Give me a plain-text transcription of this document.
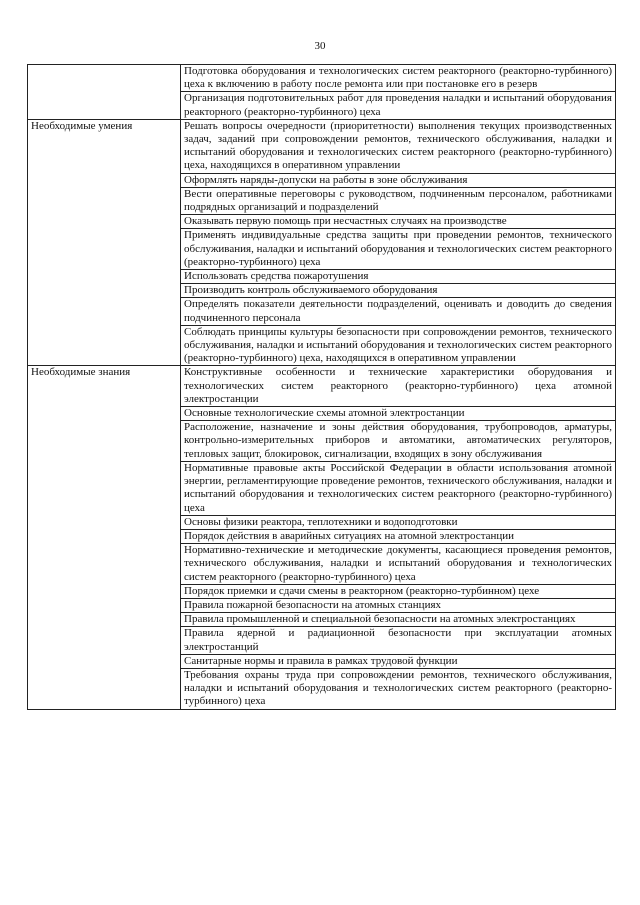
30
	Подготовка оборудования и технологических систем реакторного (реакторно-турбинного) цеха к включению в работу после ремонта или при постановке его в резерв
	Организация подготовительных работ для проведения наладки и испытаний оборудования реакторного (реакторно-турбинного) цеха
Необходимые умения	Решать вопросы очередности (приоритетности) выполнения текущих производственных задач, заданий при сопровождении ремонтов, технического обслуживания, наладки и испытаний оборудования и технологических систем реакторного (реакторно-турбинного) цеха, находящихся в оперативном управлении
	Оформлять наряды-допуски на работы в зоне обслуживания
	Вести оперативные переговоры с руководством, подчиненным персоналом, работниками подрядных организаций и подразделений
	Оказывать первую помощь при несчастных случаях на производстве
	Применять индивидуальные средства защиты при проведении ремонтов, технического обслуживания, наладки и испытаний оборудования и технологических систем реакторного (реакторно-турбинного) цеха
	Использовать средства пожаротушения
	Производить контроль обслуживаемого оборудования
	Определять показатели деятельности подразделений, оценивать и доводить до сведения подчиненного персонала
	Соблюдать принципы культуры безопасности при сопровождении ремонтов, технического обслуживания, наладки и испытаний оборудования и технологических систем реакторного (реакторно-турбинного) цеха, находящихся в оперативном управлении
Необходимые знания	Конструктивные особенности и технические характеристики оборудования и технологических систем реакторного (реакторно-турбинного) цеха атомной электростанции
	Основные технологические схемы атомной электростанции
	Расположение, назначение и зоны действия оборудования, трубопроводов, арматуры, контрольно-измерительных приборов и автоматики, автоматических регуляторов, тепловых защит, блокировок, сигнализации, входящих в зону обслуживания
	Нормативные правовые акты Российской Федерации в области использования атомной энергии, регламентирующие проведение ремонтов, технического обслуживания, наладки и испытаний оборудования и технологических систем реакторного (реакторно-турбинного) цеха
	Основы физики реактора, теплотехники и водоподготовки
	Порядок действия в аварийных ситуациях на атомной электростанции
	Нормативно-технические и методические документы, касающиеся проведения ремонтов, технического обслуживания, наладки и испытаний оборудования и технологических систем реакторного (реакторно-турбинного) цеха
	Порядок приемки и сдачи смены в реакторном (реакторно-турбинном) цехе
	Правила пожарной безопасности на атомных станциях
	Правила промышленной и специальной безопасности на атомных электростанциях
	Правила ядерной и радиационной безопасности при эксплуатации атомных электростанций
	Санитарные нормы и правила в рамках трудовой функции
	Требования охраны труда при сопровождении ремонтов, технического обслуживания, наладки и испытаний оборудования и технологических систем реакторного (реакторно-турбинного) цеха
